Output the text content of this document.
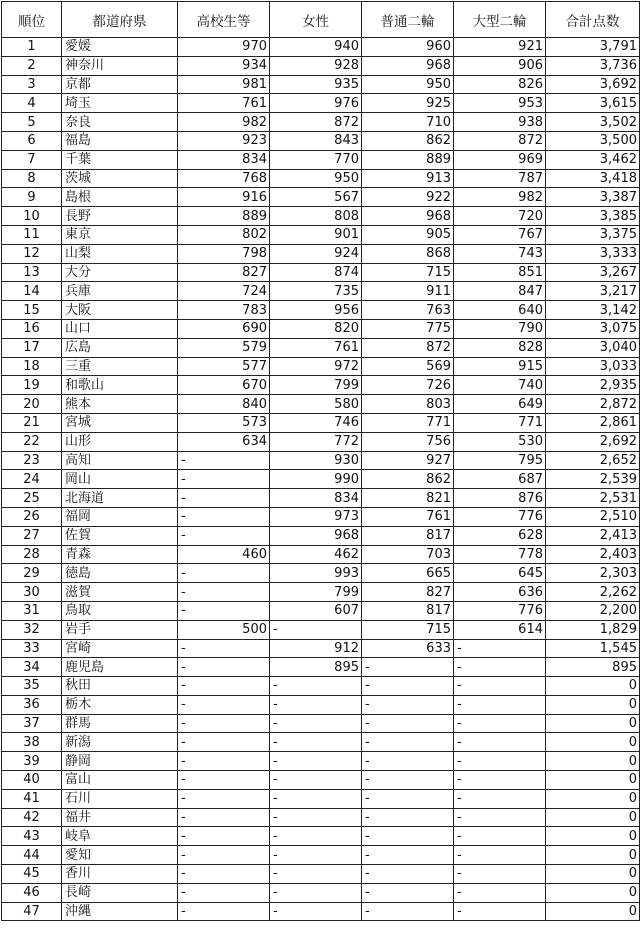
順位	都道府県	高校生等	女性	普通二輪	大型二輪	合計点数
1	愛媛	970	940	960	921	3,791
2	神奈川	934	928	968	906	3,736
3	京都	981	935	950	826	3,692
4	埼玉	761	976	925	953	3,615
5	奈良	982	872	710	938	3,502
6	福島	923	843	862	872	3,500
7	千葉	834	770	889	969	3,462
8	茨城	768	950	913	787	3,418
9	島根	916	567	922	982	3,387
10	長野	889	808	968	720	3,385
11	東京	802	901	905	767	3,375
12	山梨	798	924	868	743	3,333
13	大分	827	874	715	851	3,267
14	兵庫	724	735	911	847	3,217
15	大阪	783	956	763	640	3,142
16	山口	690	820	775	790	3,075
17	広島	579	761	872	828	3,040
18	三重	577	972	569	915	3,033
19	和歌山	670	799	726	740	2,935
20	熊本	840	580	803	649	2,872
21	宮城	573	746	771	771	2,861
22	山形	634	772	756	530	2,692
23	高知	-	930	927	795	2,652
24	岡山	-	990	862	687	2,539
25	北海道	-	834	821	876	2,531
26	福岡	-	973	761	776	2,510
27	佐賀	-	968	817	628	2,413
28	青森	460	462	703	778	2,403
29	徳島	-	993	665	645	2,303
30	滋賀	-	799	827	636	2,262
31	鳥取	-	607	817	776	2,200
32	岩手	500	-	715	614	1,829
33	宮崎	-	912	633	-	1,545
34	鹿児島	-	895	-	-	895
35	秋田	-	-	-	-	0
36	栃木	-	-	-	-	0
37	群馬	-	-	-	-	0
38	新潟	-	-	-	-	0
39	静岡	-	-	-	-	0
40	富山	-	-	-	-	0
41	石川	-	-	-	-	0
42	福井	-	-	-	-	0
43	岐阜	-	-	-	-	0
44	愛知	-	-	-	-	0
45	香川	-	-	-	-	0
46	長崎	-	-	-	-	0
47	沖縄	-	-	-	-	0
